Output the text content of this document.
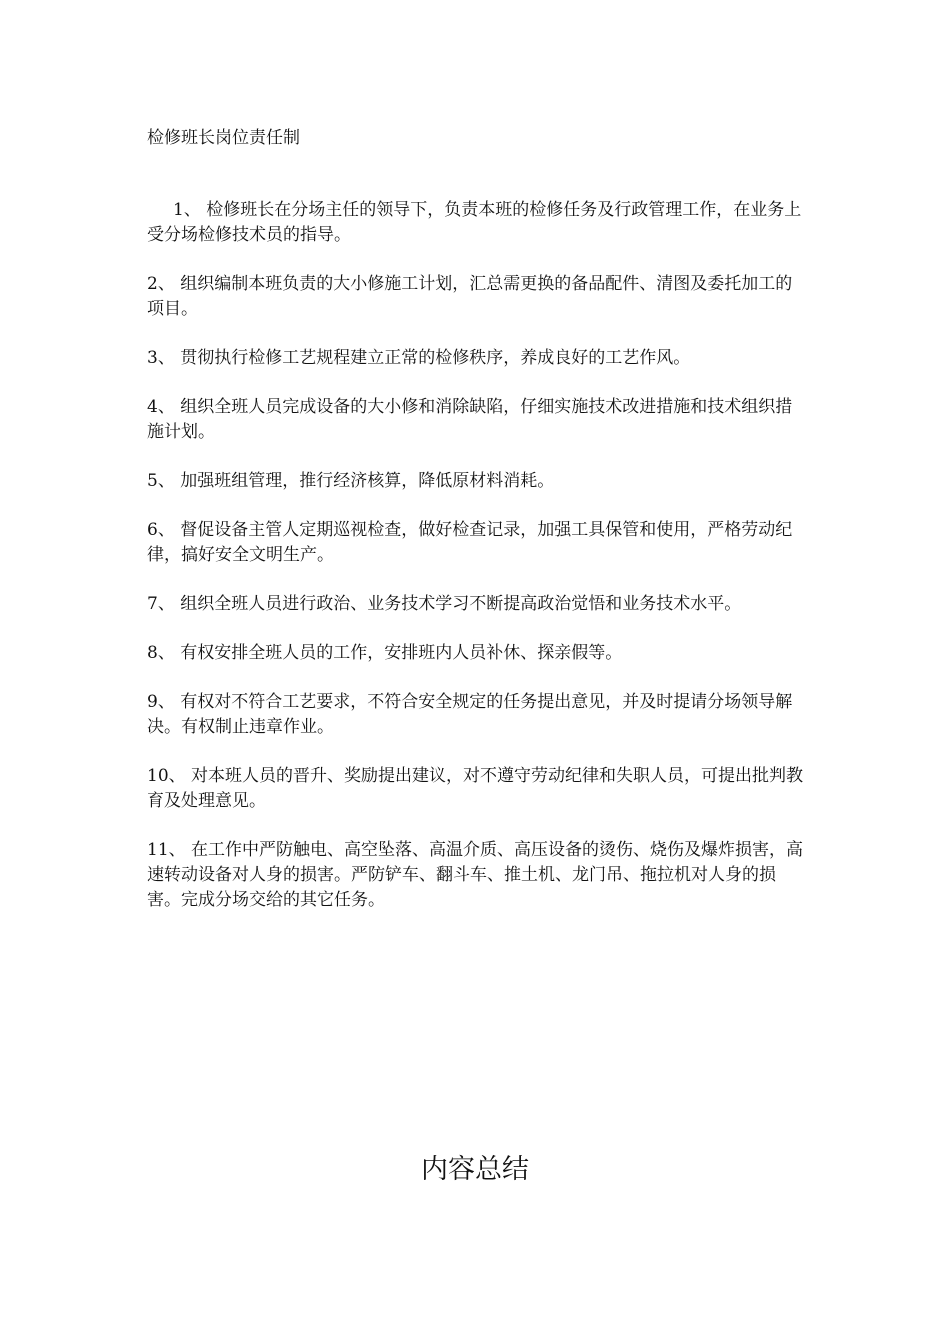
检修班长岗位责任制

1、 检修班长在分场主任的领导下，负责本班的检修任务及行政管理工作，在业务上受分场检修技术员的指导。

2、 组织编制本班负责的大小修施工计划，汇总需更换的备品配件、清图及委托加工的项目。

3、 贯彻执行检修工艺规程建立正常的检修秩序，养成良好的工艺作风。

4、 组织全班人员完成设备的大小修和消除缺陷，仔细实施技术改进措施和技术组织措施计划。

5、 加强班组管理，推行经济核算，降低原材料消耗。

6、 督促设备主管人定期巡视检查，做好检查记录，加强工具保管和使用，严格劳动纪律，搞好安全文明生产。

7、 组织全班人员进行政治、业务技术学习不断提高政治觉悟和业务技术水平。

8、 有权安排全班人员的工作，安排班内人员补休、探亲假等。

9、 有权对不符合工艺要求，不符合安全规定的任务提出意见，并及时提请分场领导解决。有权制止违章作业。

10、 对本班人员的晋升、奖励提出建议，对不遵守劳动纪律和失职人员，可提出批判教育及处理意见。

11、 在工作中严防触电、高空坠落、高温介质、高压设备的烫伤、烧伤及爆炸损害，高速转动设备对人身的损害。严防铲车、翻斗车、推土机、龙门吊、拖拉机对人身的损害。完成分场交给的其它任务。

内容总结
